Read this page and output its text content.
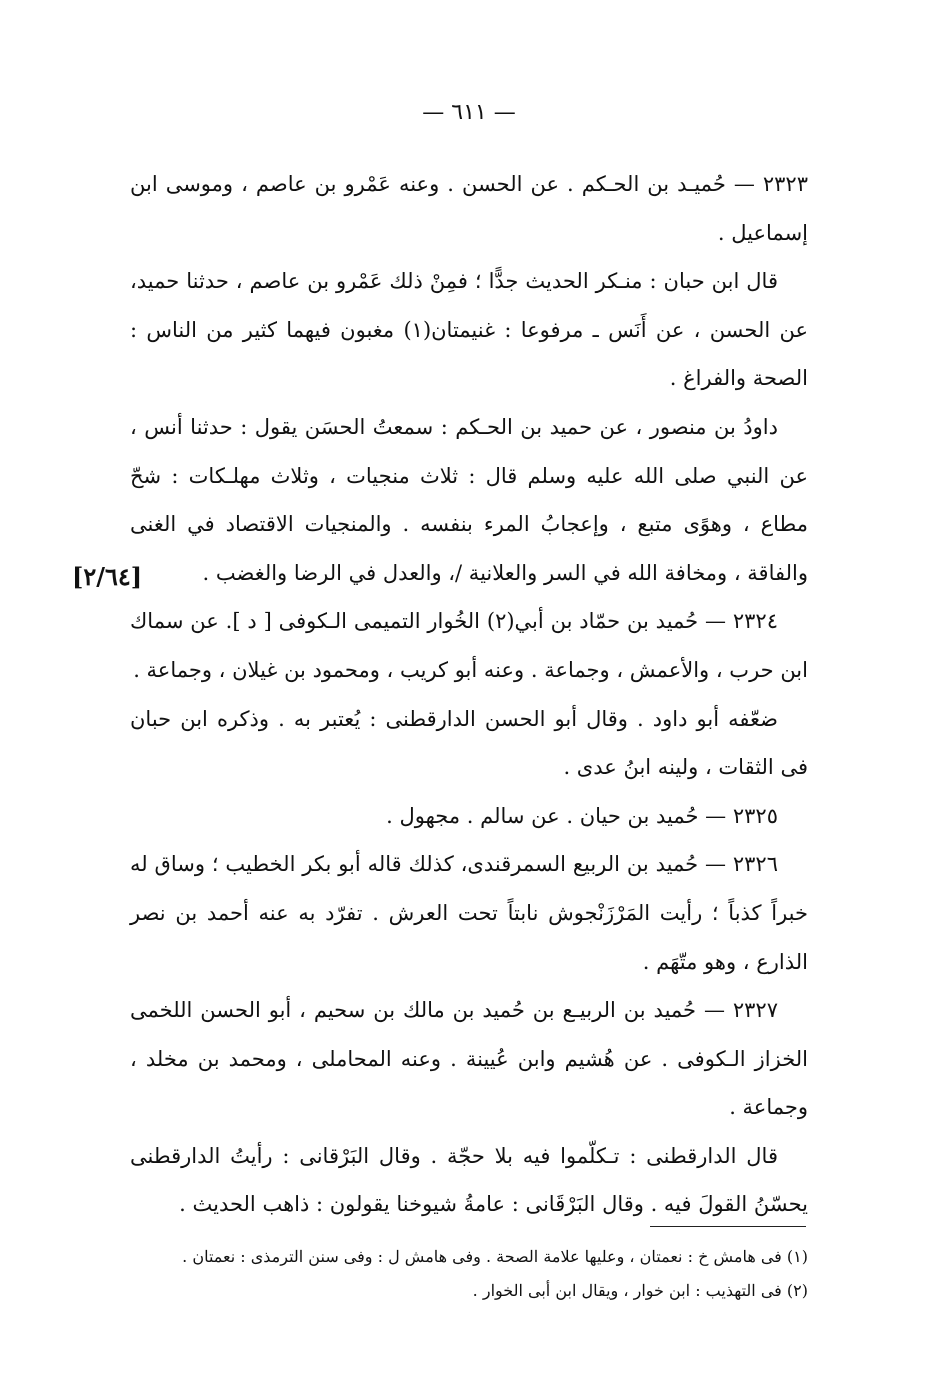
— ٦١١ —

٢٣٢٣ — حُميـد بن الحـكم . عن الحسن . وعنه عَمْرو بن عاصم ، وموسى ابن إسماعيل .

قال ابن حبان : منـكر الحديث جدًّا ؛ فمِنْ ذلك عَمْرو بن عاصم ، حدثنا حميد، عن الحسن ، عن أَنَس ـ مرفوعا : غنيمتان(١) مغبون فيهما كثير من الناس : الصحة والفراغ .

داودُ بن منصور ، عن حميد بن الحـكم : سمعتُ الحسَن يقول : حدثنا أنس ، عن النبي صلى الله عليه وسلم قال : ثلاث منجيات ، وثلاث مهلـكات : شحّ مطاع ، وهوًى متبع ، وإعجابُ المرء بنفسه . والمنجيات الاقتصاد في الغنى والفاقة ، ومخافة الله في السر والعلانية /، والعدل في الرضا والغضب .

٢٣٢٤ — حُميد بن حمّاد بن أبي(٢) الخُوار التميمى الـكوفى [ د ]. عن سماك ابن حرب ، والأعمش ، وجماعة . وعنه أبو كريب ، ومحمود بن غيلان ، وجماعة .

ضعّفه أبو داود . وقال أبو الحسن الدارقطنى : يُعتبر به . وذكره ابن حبان فى الثقات ، ولينه ابنُ عدى .

٢٣٢٥ — حُميد بن حيان . عن سالم . مجهول .

٢٣٢٦ — حُميد بن الربيع السمرقندى، كذلك قاله أبو بكر الخطيب ؛ وساق له خبراً كذباً ؛ رأيت المَرْزَنْجوش نابتاً تحت العرش . تفرّد به عنه أحمد بن نصر الذارع ، وهو متّهَم .

٢٣٢٧ — حُميد بن الربيـع بن حُميد بن مالك بن سحيم ، أبو الحسن اللخمى الخزاز الـكوفى . عن هُشيم وابن عُيينة . وعنه المحاملى ، ومحمد بن مخلد ، وجماعة .

قال الدارقطنى : تـكلّموا فيه بلا حجّة . وقال البَرْقانى : رأيتُ الدارقطنى يحسّنُ القولَ فيه . وقال البَرْقَانى : عامةُ شيوخنا يقولون : ذاهب الحديث .

[٢/٦٤]

(١) فى هامش خ : نعمتان ، وعليها علامة الصحة . وفى هامش ل : وفى سنن الترمذى : نعمتان .

(٢) فى التهذيب : ابن خوار ، ويقال ابن أبى الخوار .
